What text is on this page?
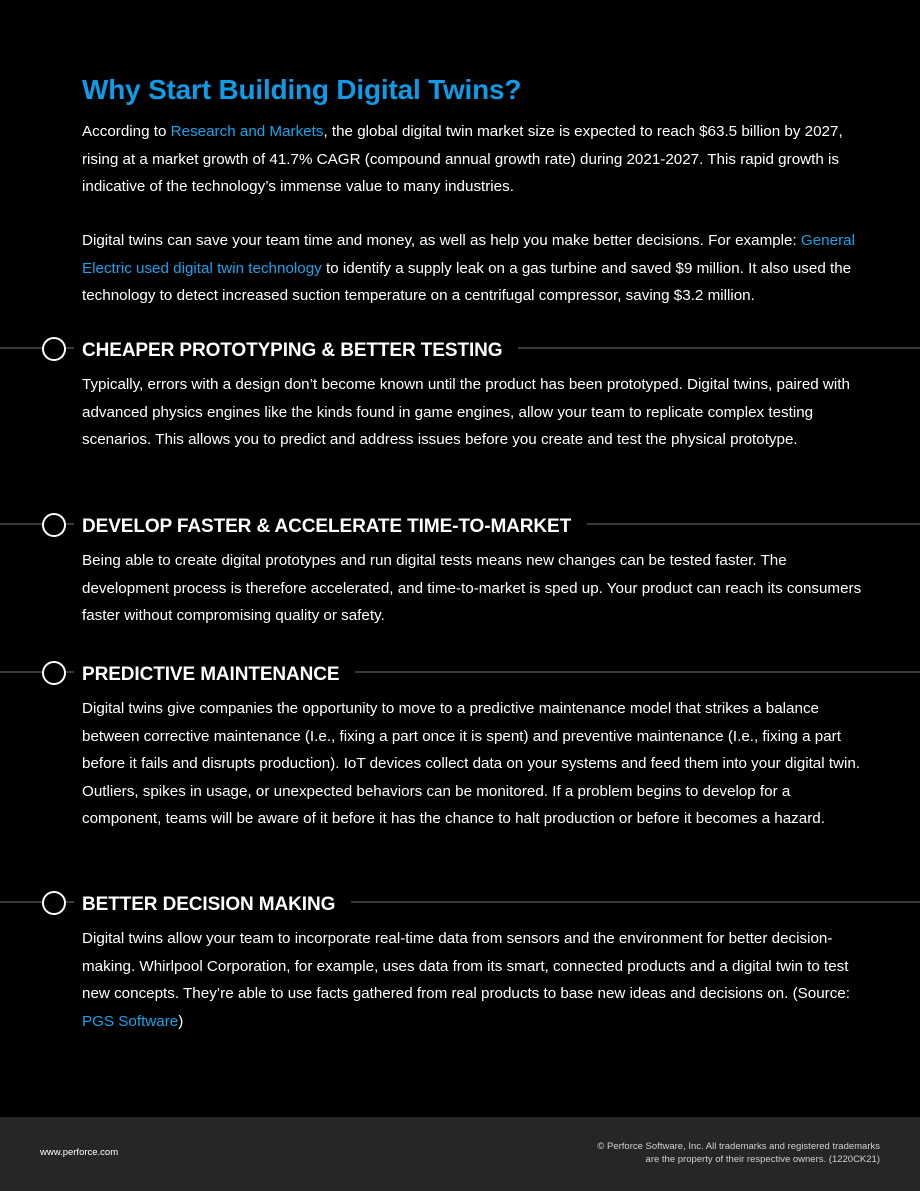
Why Start Building Digital Twins?

According to Research and Markets, the global digital twin market size is expected to reach $63.5 billion by 2027, rising at a market growth of 41.7% CAGR (compound annual growth rate) during 2021-2027. This rapid growth is indicative of the technology’s immense value to many industries.

Digital twins can save your team time and money, as well as help you make better decisions. For example: General Electric used digital twin technology to identify a supply leak on a gas turbine and saved $9 million. It also used the technology to detect increased suction temperature on a centrifugal compressor, saving $3.2 million.

CHEAPER PROTOTYPING & BETTER TESTING

Typically, errors with a design don’t become known until the product has been prototyped. Digital twins, paired with advanced physics engines like the kinds found in game engines, allow your team to replicate complex testing scenarios. This allows you to predict and address issues before you create and test the physical prototype.

DEVELOP FASTER & ACCELERATE TIME-TO-MARKET

Being able to create digital prototypes and run digital tests means new changes can be tested faster. The development process is therefore accelerated, and time-to-market is sped up. Your product can reach its consumers faster without compromising quality or safety.

PREDICTIVE MAINTENANCE

Digital twins give companies the opportunity to move to a predictive maintenance model that strikes a balance between corrective maintenance (I.e., fixing a part once it is spent) and preventive maintenance (I.e., fixing a part before it fails and disrupts production). IoT devices collect data on your systems and feed them into your digital twin. Outliers, spikes in usage, or unexpected behaviors can be monitored. If a problem begins to develop for a component, teams will be aware of it before it has the chance to halt production or before it becomes a hazard.

BETTER DECISION MAKING

Digital twins allow your team to incorporate real-time data from sensors and the environment for better decision-making. Whirlpool Corporation, for example, uses data from its smart, connected products and a digital twin to test new concepts. They’re able to use facts gathered from real products to base new ideas and decisions on. (Source: PGS Software)

www.perforce.com
© Perforce Software, Inc. All trademarks and registered trademarks
are the property of their respective owners. (1220CK21)
